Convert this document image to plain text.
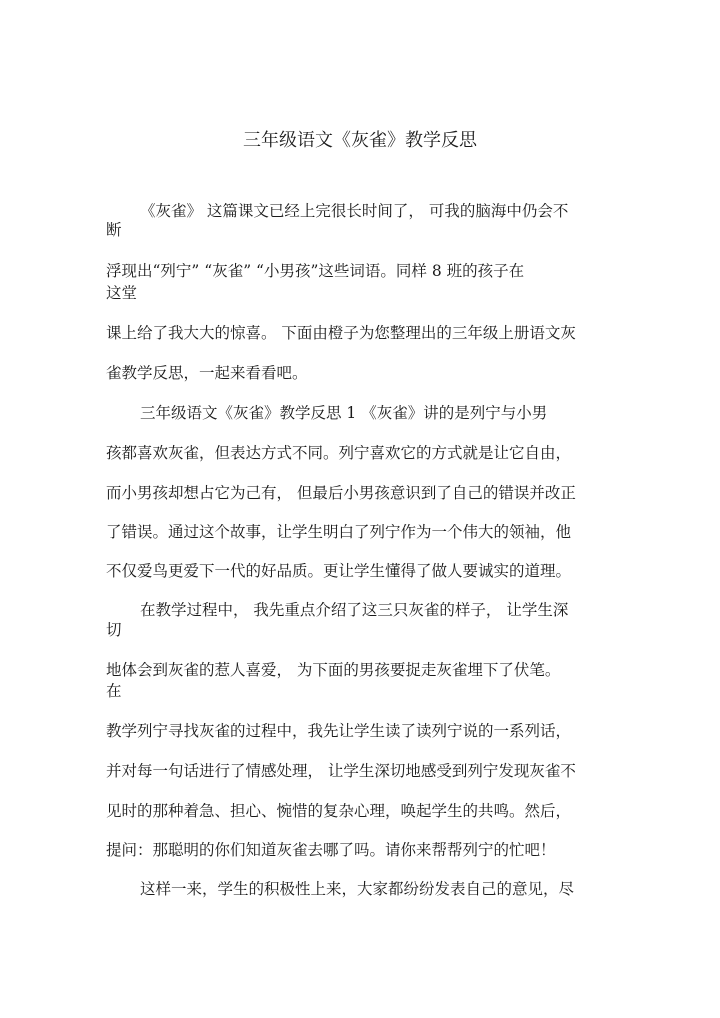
三年级语文《灰雀》教学反思
《灰雀》 这篇课文已经上完很长时间了， 可我的脑海中仍会不
断
浮现出“列宁” “灰雀” “小男孩”这些词语。同样 8 班的孩子在
这堂
课上给了我大大的惊喜。 下面由橙子为您整理出的三年级上册语文灰
雀教学反思，一起来看看吧。
三年级语文《灰雀》教学反思 1 《灰雀》讲的是列宁与小男
孩都喜欢灰雀，但表达方式不同。列宁喜欢它的方式就是让它自由，
而小男孩却想占它为己有， 但最后小男孩意识到了自己的错误并改正
了错误。通过这个故事，让学生明白了列宁作为一个伟大的领袖，他
不仅爱鸟更爱下一代的好品质。更让学生懂得了做人要诚实的道理。
在教学过程中， 我先重点介绍了这三只灰雀的样子， 让学生深
切
地体会到灰雀的惹人喜爱， 为下面的男孩要捉走灰雀埋下了伏笔。
在
教学列宁寻找灰雀的过程中，我先让学生读了读列宁说的一系列话，
并对每一句话进行了情感处理， 让学生深切地感受到列宁发现灰雀不
见时的那种着急、担心、惋惜的复杂心理，唤起学生的共鸣。然后，
提问：那聪明的你们知道灰雀去哪了吗。请你来帮帮列宁的忙吧！
这样一来，学生的积极性上来，大家都纷纷发表自己的意见，尽
